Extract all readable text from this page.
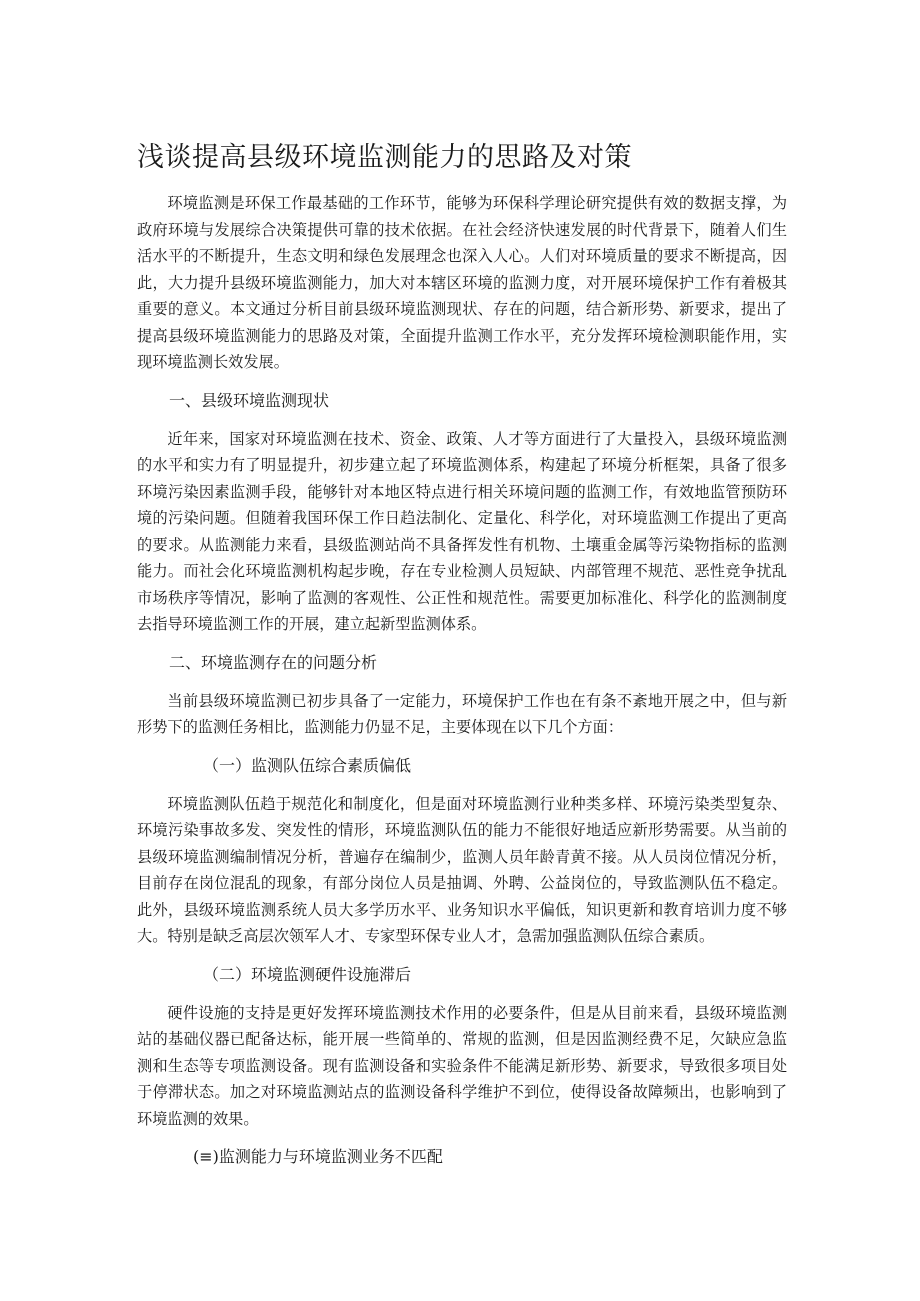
浅谈提高县级环境监测能力的思路及对策

环境监测是环保工作最基础的工作环节，能够为环保科学理论研究提供有效的数据支撑，为政府环境与发展综合决策提供可靠的技术依据。在社会经济快速发展的时代背景下，随着人们生活水平的不断提升，生态文明和绿色发展理念也深入人心。人们对环境质量的要求不断提高，因此，大力提升县级环境监测能力，加大对本辖区环境的监测力度，对开展环境保护工作有着极其重要的意义。本文通过分析目前县级环境监测现状、存在的问题，结合新形势、新要求，提出了提高县级环境监测能力的思路及对策，全面提升监测工作水平，充分发挥环境检测职能作用，实现环境监测长效发展。

一、县级环境监测现状

近年来，国家对环境监测在技术、资金、政策、人才等方面进行了大量投入，县级环境监测的水平和实力有了明显提升，初步建立起了环境监测体系，构建起了环境分析框架，具备了很多环境污染因素监测手段，能够针对本地区特点进行相关环境问题的监测工作，有效地监管预防环境的污染问题。但随着我国环保工作日趋法制化、定量化、科学化，对环境监测工作提出了更高的要求。从监测能力来看，县级监测站尚不具备挥发性有机物、土壤重金属等污染物指标的监测能力。而社会化环境监测机构起步晚，存在专业检测人员短缺、内部管理不规范、恶性竞争扰乱市场秩序等情况，影响了监测的客观性、公正性和规范性。需要更加标准化、科学化的监测制度去指导环境监测工作的开展，建立起新型监测体系。

二、环境监测存在的问题分析

当前县级环境监测已初步具备了一定能力，环境保护工作也在有条不紊地开展之中，但与新形势下的监测任务相比，监测能力仍显不足，主要体现在以下几个方面：

（一）监测队伍综合素质偏低

环境监测队伍趋于规范化和制度化，但是面对环境监测行业种类多样、环境污染类型复杂、环境污染事故多发、突发性的情形，环境监测队伍的能力不能很好地适应新形势需要。从当前的县级环境监测编制情况分析，普遍存在编制少，监测人员年龄青黄不接。从人员岗位情况分析，目前存在岗位混乱的现象，有部分岗位人员是抽调、外聘、公益岗位的，导致监测队伍不稳定。此外，县级环境监测系统人员大多学历水平、业务知识水平偏低，知识更新和教育培训力度不够大。特别是缺乏高层次领军人才、专家型环保专业人才，急需加强监测队伍综合素质。

（二）环境监测硬件设施滞后

硬件设施的支持是更好发挥环境监测技术作用的必要条件，但是从目前来看，县级环境监测站的基础仪器已配备达标，能开展一些简单的、常规的监测，但是因监测经费不足，欠缺应急监测和生态等专项监测设备。现有监测设备和实验条件不能满足新形势、新要求，导致很多项目处于停滞状态。加之对环境监测站点的监测设备科学维护不到位，使得设备故障频出，也影响到了环境监测的效果。

(≡)监测能力与环境监测业务不匹配
